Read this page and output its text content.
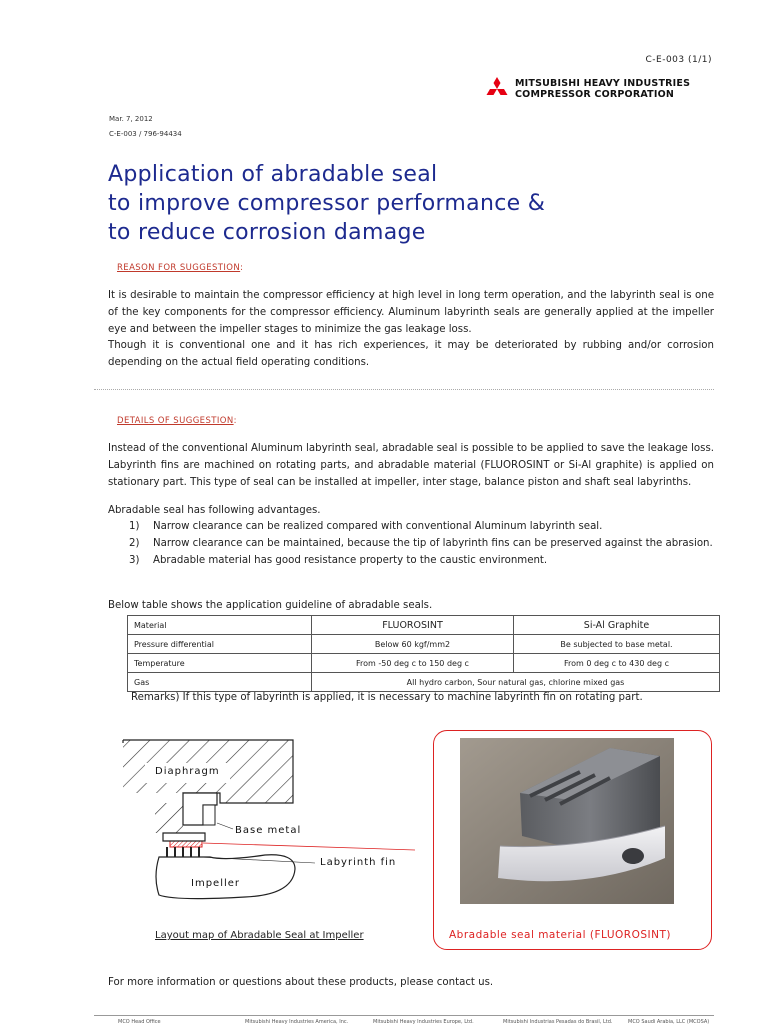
C-E-003 (1/1)
MITSUBISHI HEAVY INDUSTRIES
COMPRESSOR CORPORATION
Mar. 7, 2012
C-E-003 / 796-94434
Application of abradable seal
to improve compressor performance &
to reduce corrosion damage
REASON FOR SUGGESTION:
It is desirable to maintain the compressor efficiency at high level in long term operation, and the labyrinth seal is one of the key components for the compressor efficiency. Aluminum labyrinth seals are generally applied at the impeller eye and between the impeller stages to minimize the gas leakage loss.
Though it is conventional one and it has rich experiences, it may be deteriorated by rubbing and/or corrosion depending on the actual field operating conditions.
DETAILS OF SUGGESTION:
Instead of the conventional Aluminum labyrinth seal, abradable seal is possible to be applied to save the leakage loss. Labyrinth fins are machined on rotating parts, and abradable material (FLUOROSINT or Si-Al graphite) is applied on stationary part. This type of seal can be installed at impeller, inter stage, balance piston and shaft seal labyrinths.
Abradable seal has following advantages.
1)	Narrow clearance can be realized compared with conventional Aluminum labyrinth seal.
2)	Narrow clearance can be maintained, because the tip of labyrinth fins can be preserved against the abrasion.
3)	Abradable material has good resistance property to the caustic environment.
Below table shows the application guideline of abradable seals.
Material	FLUOROSINT	Si-Al Graphite
Pressure differential	Below 60 kgf/mm2	Be subjected to base metal.
Temperature	From -50 deg c to 150 deg c	From 0 deg c to 430 deg c
Gas	All hydro carbon, Sour natural gas, chlorine mixed gas	
Remarks) If this type of labyrinth is applied, it is necessary to machine labyrinth fin on rotating part.
Diaphragm
Base metal
Labyrinth fin
Impeller
Layout map of Abradable Seal at Impeller	Abradable seal material (FLUOROSINT)
For more information or questions about these products, please contact us.
MCO Head Office	Mitsubishi Heavy Industries America, Inc.	Mitsubishi Heavy Industries Europe, Ltd.	Mitsubishi Industrias Pesadas do Brasil, Ltd.	MCO Saudi Arabia, LLC (MCOSA)
